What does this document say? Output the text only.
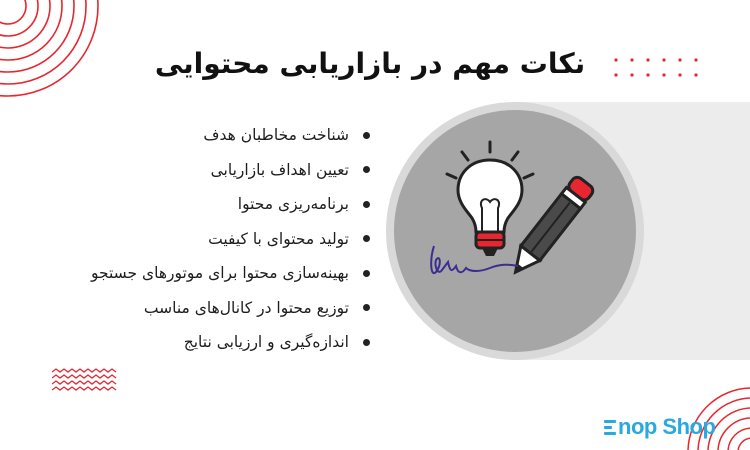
نکات مهم در بازاریابی محتوایی
شناخت مخاطبان هدف
تعیین اهداف بازاریابی
برنامه‌ریزی محتوا
تولید محتوای با کیفیت
بهینه‌سازی محتوا برای موتورهای جستجو
توزیع محتوا در کانال‌های مناسب
اندازه‌گیری و ارزیابی نتایج
nop Shop
